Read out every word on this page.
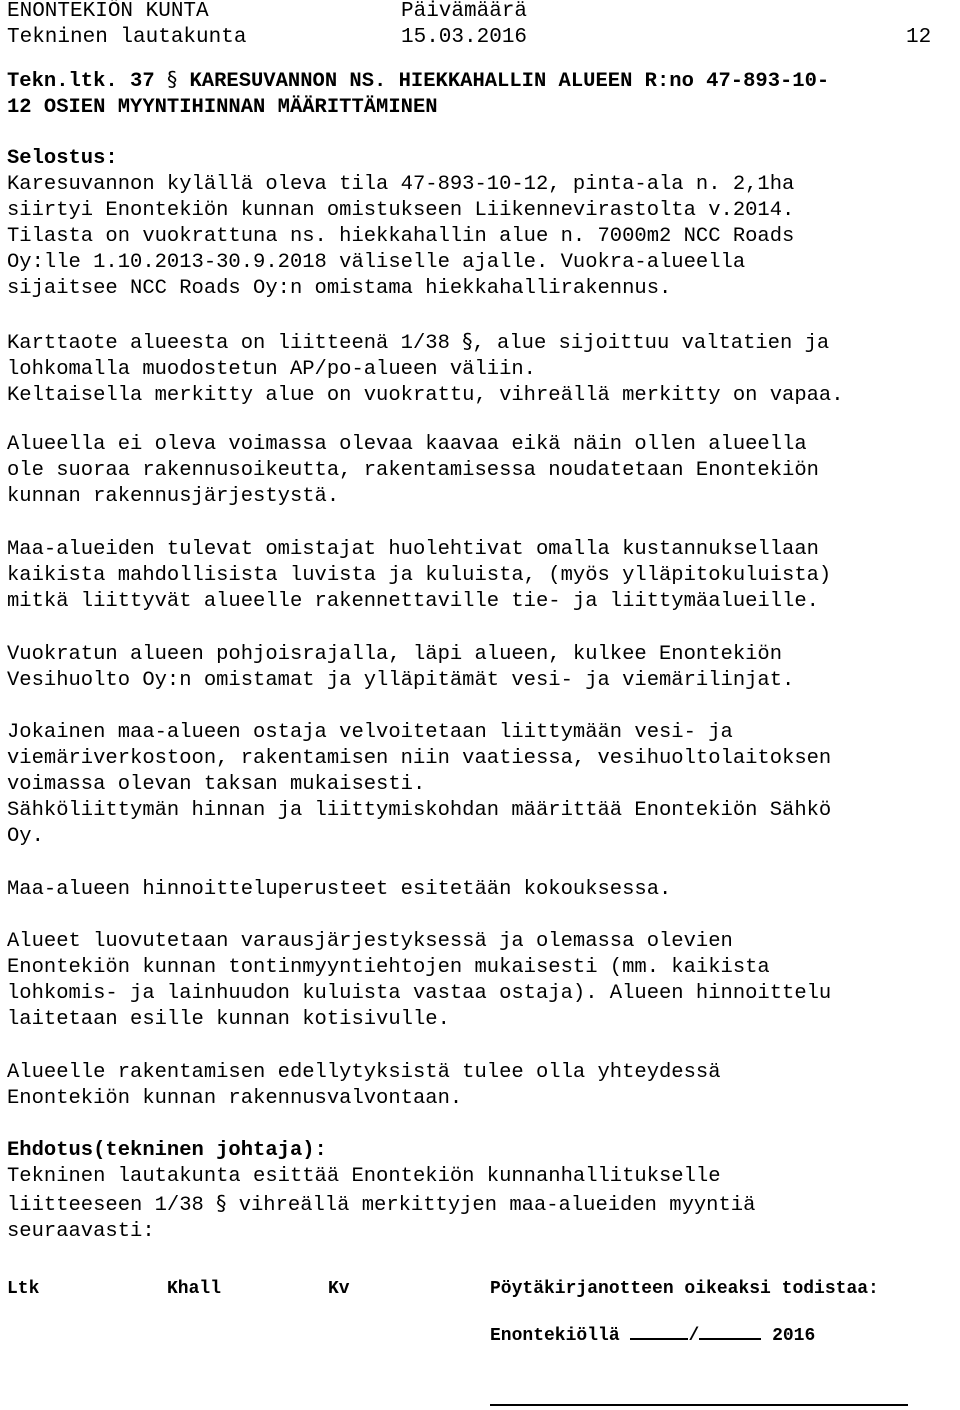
ENONTEKIÖN KUNTA	Päivämäärä
Tekninen lautakunta	15.03.2016	12
Tekn.ltk. 37 § KARESUVANNON NS. HIEKKAHALLIN ALUEEN R:no 47-893-10-
12 OSIEN MYYNTIHINNAN MÄÄRITTÄMINEN
Selostus:
Karesuvannon kylällä oleva tila 47-893-10-12, pinta-ala n. 2,1ha
siirtyi Enontekiön kunnan omistukseen Liikennevirastolta v.2014.
Tilasta on vuokrattuna ns. hiekkahallin alue n. 7000m2 NCC Roads
Oy:lle 1.10.2013-30.9.2018 väliselle ajalle. Vuokra-alueella
sijaitsee NCC Roads Oy:n omistama hiekkahallirakennus.
Karttaote alueesta on liitteenä 1/38 §, alue sijoittuu valtatien ja
lohkomalla muodostetun AP/po-alueen väliin.
Keltaisella merkitty alue on vuokrattu, vihreällä merkitty on vapaa.
Alueella ei oleva voimassa olevaa kaavaa eikä näin ollen alueella
ole suoraa rakennusoikeutta, rakentamisessa noudatetaan Enontekiön
kunnan rakennusjärjestystä.
Maa-alueiden tulevat omistajat huolehtivat omalla kustannuksellaan
kaikista mahdollisista luvista ja kuluista, (myös ylläpitokuluista)
mitkä liittyvät alueelle rakennettaville tie- ja liittymäalueille.
Vuokratun alueen pohjoisrajalla, läpi alueen, kulkee Enontekiön
Vesihuolto Oy:n omistamat ja ylläpitämät vesi- ja viemärilinjat.
Jokainen maa-alueen ostaja velvoitetaan liittymään vesi- ja
viemäriverkostoon, rakentamisen niin vaatiessa, vesihuoltolaitoksen
voimassa olevan taksan mukaisesti.
Sähköliittymän hinnan ja liittymiskohdan määrittää Enontekiön Sähkö
Oy.
Maa-alueen hinnoitteluperusteet esitetään kokouksessa.
Alueet luovutetaan varausjärjestyksessä ja olemassa olevien
Enontekiön kunnan tontinmyyntiehtojen mukaisesti (mm. kaikista
lohkomis- ja lainhuudon kuluista vastaa ostaja). Alueen hinnoittelu
laitetaan esille kunnan kotisivulle.
Alueelle rakentamisen edellytyksistä tulee olla yhteydessä
Enontekiön kunnan rakennusvalvontaan.
Ehdotus(tekninen johtaja):
Tekninen lautakunta esittää Enontekiön kunnanhallitukselle
liitteeseen 1/38 § vihreällä merkittyjen maa-alueiden myyntiä
seuraavasti:
Ltk	Khall	Kv	Pöytäkirjanotteen oikeaksi todistaa:
Enontekiöllä	/	2016
